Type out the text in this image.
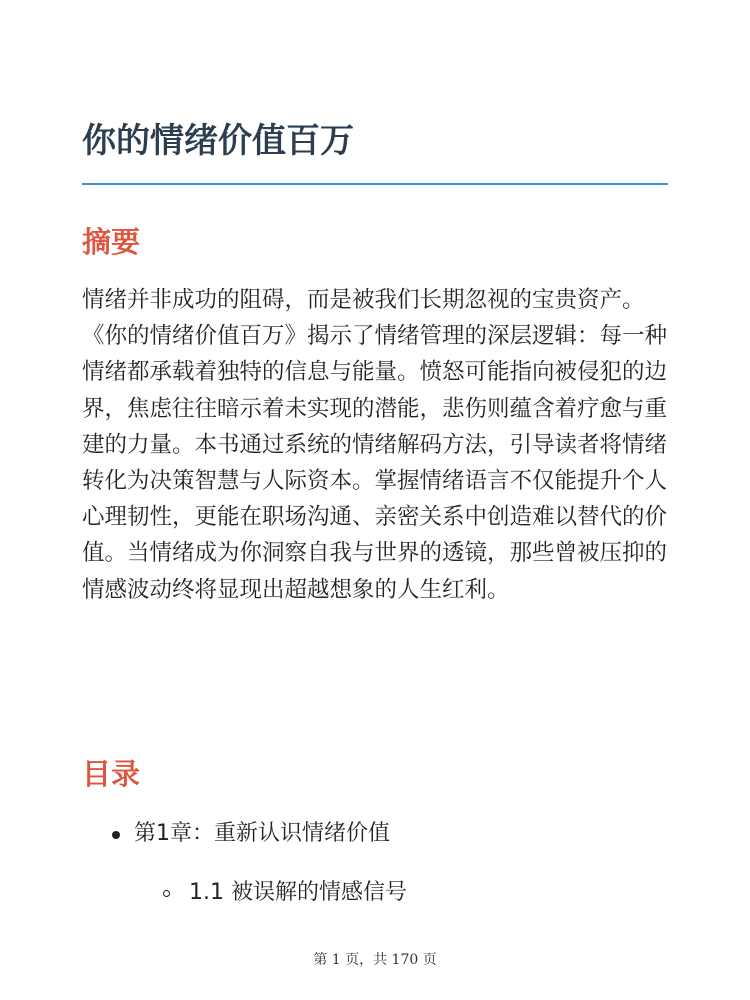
你的情绪价值百万
摘要

情绪并非成功的阻碍，而是被我们长期忽视的宝贵资产。《你的情绪价值百万》揭示了情绪管理的深层逻辑：每一种情绪都承载着独特的信息与能量。愤怒可能指向被侵犯的边界，焦虑往往暗示着未实现的潜能，悲伤则蕴含着疗愈与重建的力量。本书通过系统的情绪解码方法，引导读者将情绪转化为决策智慧与人际资本。掌握情绪语言不仅能提升个人心理韧性，更能在职场沟通、亲密关系中创造难以替代的价值。当情绪成为你洞察自我与世界的透镜，那些曾被压抑的情感波动终将显现出超越想象的人生红利。

目录
第1章：重新认识情绪价值
1.1 被误解的情感信号
第 1 页，共 170 页
